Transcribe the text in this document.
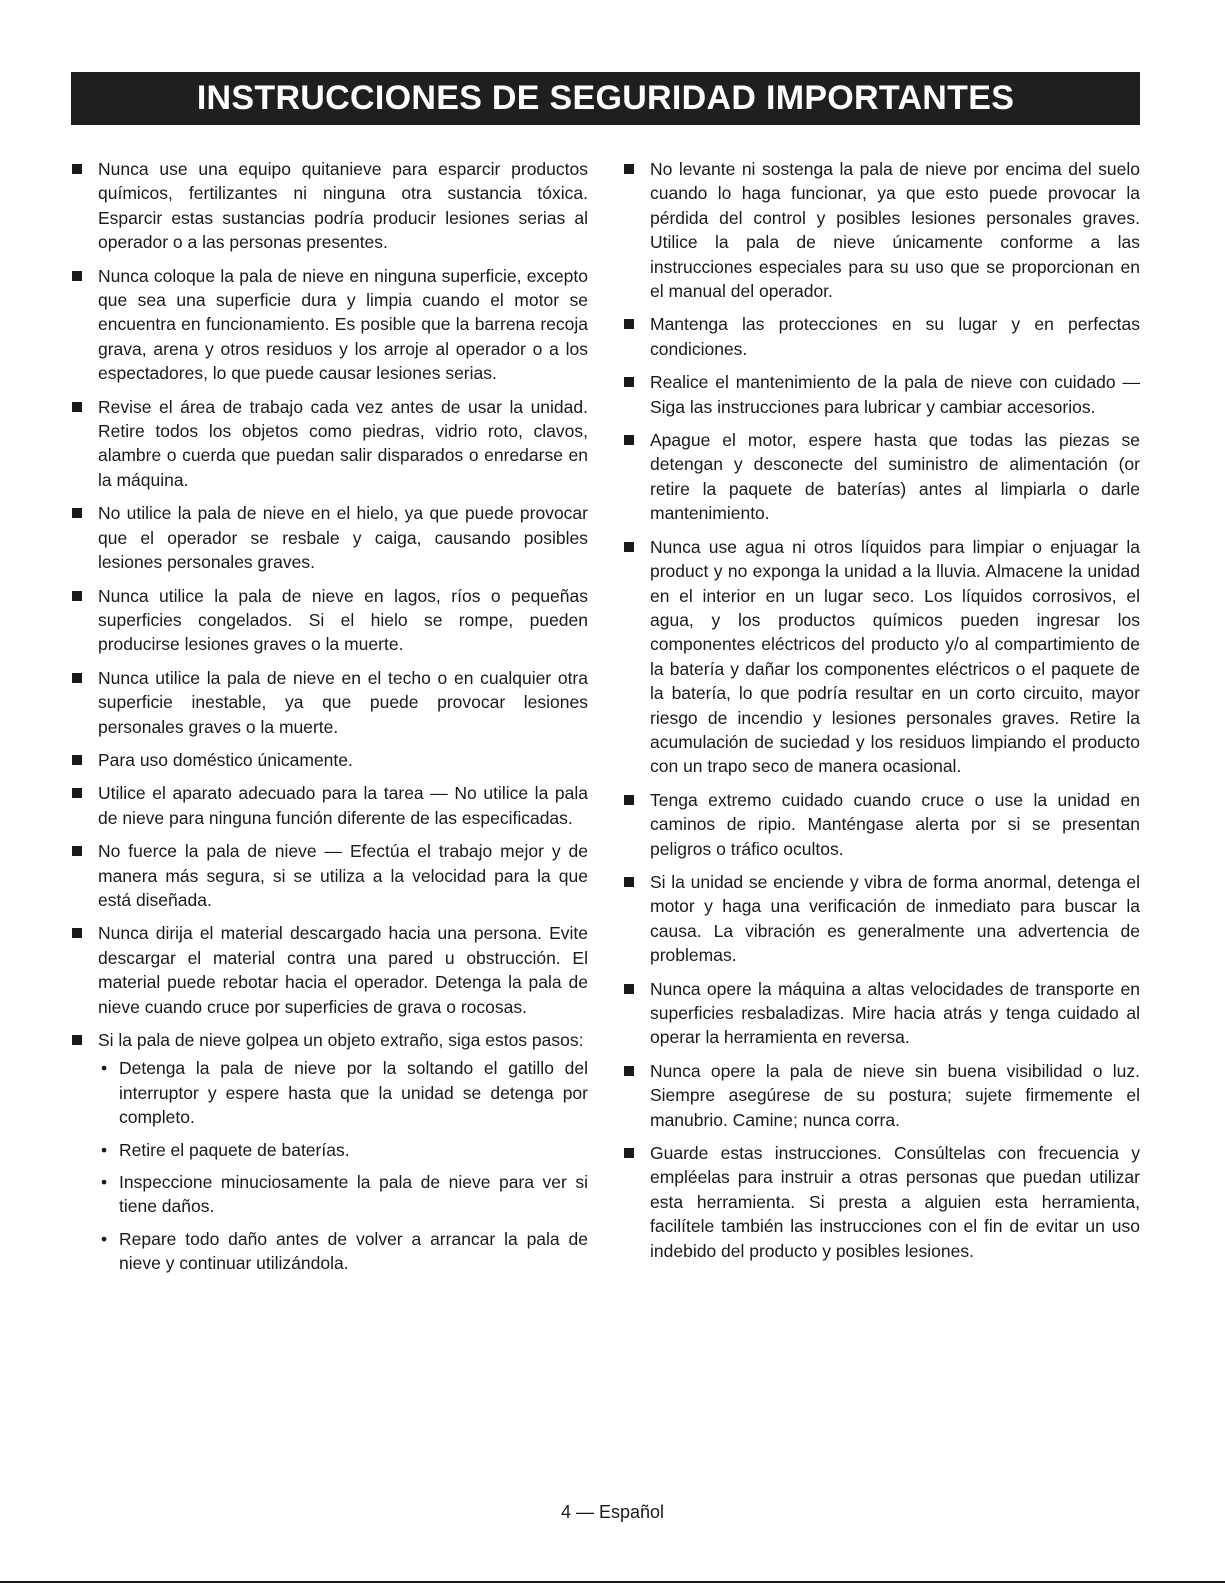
INSTRUCCIONES DE SEGURIDAD IMPORTANTES
Nunca use una equipo quitanieve para esparcir productos químicos, fertilizantes ni ninguna otra sustancia tóxica. Esparcir estas sustancias podría producir lesiones serias al operador o a las personas presentes.
Nunca coloque la pala de nieve en ninguna superficie, excepto que sea una superficie dura y limpia cuando el motor se encuentra en funcionamiento. Es posible que la barrena recoja grava, arena y otros residuos y los arroje al operador o a los espectadores, lo que puede causar lesiones serias.
Revise el área de trabajo cada vez antes de usar la unidad. Retire todos los objetos como piedras, vidrio roto, clavos, alambre o cuerda que puedan salir disparados o enredarse en la máquina.
No utilice la pala de nieve en el hielo, ya que puede provocar que el operador se resbale y caiga, causando posibles lesiones personales graves.
Nunca utilice la pala de nieve en lagos, ríos o pequeñas superficies congelados. Si el hielo se rompe, pueden producirse lesiones graves o la muerte.
Nunca utilice la pala de nieve en el techo o en cualquier otra superficie inestable, ya que puede provocar lesiones personales graves o la muerte.
Para uso doméstico únicamente.
Utilice el aparato adecuado para la tarea — No utilice la pala de nieve para ninguna función diferente de las especificadas.
No fuerce la pala de nieve — Efectúa el trabajo mejor y de manera más segura, si se utiliza a la velocidad para la que está diseñada.
Nunca dirija el material descargado hacia una persona. Evite descargar el material contra una pared u obstrucción. El material puede rebotar hacia el operador. Detenga la pala de nieve cuando cruce por superficies de grava o rocosas.
Si la pala de nieve golpea un objeto extraño, siga estos pasos:
• Detenga la pala de nieve por la soltando el gatillo del interruptor y espere hasta que la unidad se detenga por completo.
• Retire el paquete de baterías.
• Inspeccione minuciosamente la pala de nieve para ver si tiene daños.
• Repare todo daño antes de volver a arrancar la pala de nieve y continuar utilizándola.
No levante ni sostenga la pala de nieve por encima del suelo cuando lo haga funcionar, ya que esto puede provocar la pérdida del control y posibles lesiones personales graves. Utilice la pala de nieve únicamente conforme a las instrucciones especiales para su uso que se proporcionan en el manual del operador.
Mantenga las protecciones en su lugar y en perfectas condiciones.
Realice el mantenimiento de la pala de nieve con cuidado — Siga las instrucciones para lubricar y cambiar accesorios.
Apague el motor, espere hasta que todas las piezas se detengan y desconecte del suministro de alimentación (or retire la paquete de baterías) antes al limpiarla o darle mantenimiento.
Nunca use agua ni otros líquidos para limpiar o enjuagar la product y no exponga la unidad a la lluvia. Almacene la unidad en el interior en un lugar seco. Los líquidos corrosivos, el agua, y los productos químicos pueden ingresar los componentes eléctricos del producto y/o al compartimiento de la batería y dañar los componentes eléctricos o el paquete de la batería, lo que podría resultar en un corto circuito, mayor riesgo de incendio y lesiones personales graves. Retire la acumulación de suciedad y los residuos limpiando el producto con un trapo seco de manera ocasional.
Tenga extremo cuidado cuando cruce o use la unidad en caminos de ripio. Manténgase alerta por si se presentan peligros o tráfico ocultos.
Si la unidad se enciende y vibra de forma anormal, detenga el motor y haga una verificación de inmediato para buscar la causa. La vibración es generalmente una advertencia de problemas.
Nunca opere la máquina a altas velocidades de transporte en superficies resbaladizas. Mire hacia atrás y tenga cuidado al operar la herramienta en reversa.
Nunca opere la pala de nieve sin buena visibilidad o luz. Siempre asegúrese de su postura; sujete firmemente el manubrio. Camine; nunca corra.
Guarde estas instrucciones. Consúltelas con frecuencia y empléelas para instruir a otras personas que puedan utilizar esta herramienta. Si presta a alguien esta herramienta, facilítele también las instrucciones con el fin de evitar un uso indebido del producto y posibles lesiones.
4 — Español
